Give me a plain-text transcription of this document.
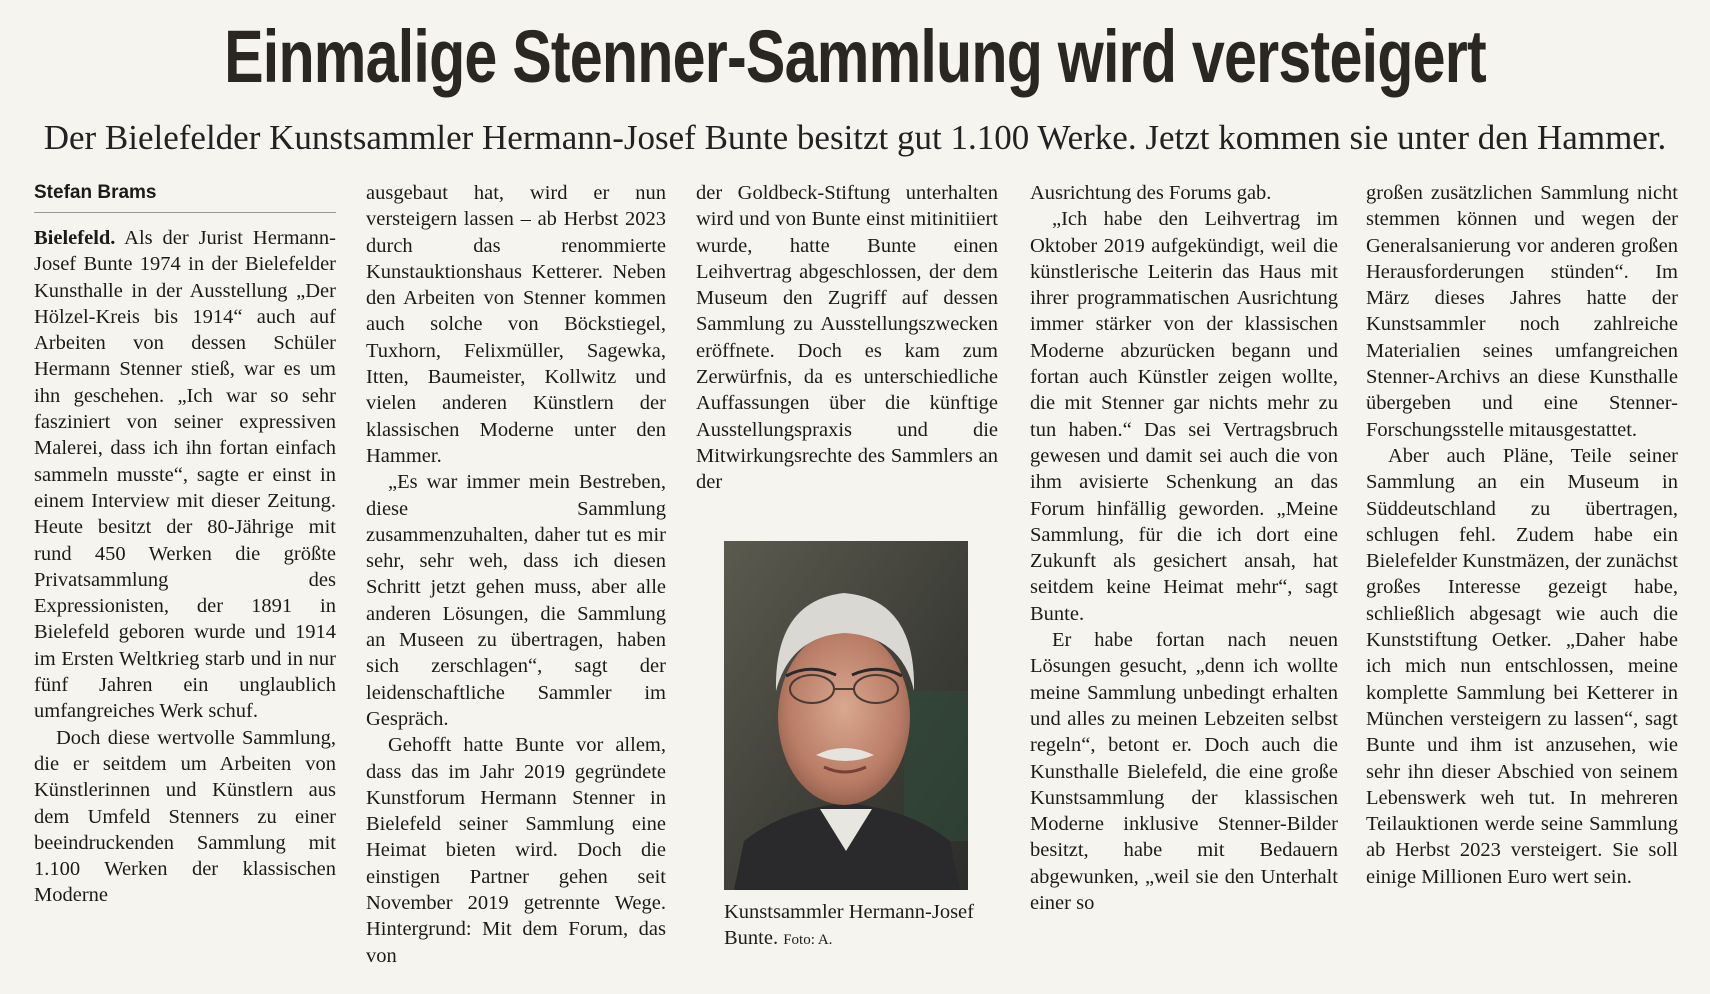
Einmalige Stenner-Sammlung wird versteigert
Der Bielefelder Kunstsammler Hermann-Josef Bunte besitzt gut 1.100 Werke. Jetzt kommen sie unter den Hammer.
Stefan Brams

Bielefeld. Als der Jurist Hermann-Josef Bunte 1974 in der Bielefelder Kunsthalle in der Ausstellung „Der Hölzel-Kreis bis 1914“ auch auf Arbeiten von dessen Schüler Hermann Stenner stieß, war es um ihn geschehen. „Ich war so sehr fasziniert von seiner expressiven Malerei, dass ich ihn fortan einfach sammeln musste“, sagte er einst in einem Interview mit dieser Zeitung. Heute besitzt der 80-Jährige mit rund 450 Werken die größte Privatsammlung des Expressionisten, der 1891 in Bielefeld geboren wurde und 1914 im Ersten Weltkrieg starb und in nur fünf Jahren ein unglaublich umfangreiches Werk schuf.

Doch diese wertvolle Sammlung, die er seitdem um Arbeiten von Künstlerinnen und Künstlern aus dem Umfeld Stenners zu einer beeindruckenden Sammlung mit 1.100 Werken der klassischen Moderne

ausgebaut hat, wird er nun versteigern lassen – ab Herbst 2023 durch das renommierte Kunstauktionshaus Ketterer. Neben den Arbeiten von Stenner kommen auch solche von Böckstiegel, Tuxhorn, Felixmüller, Sagewka, Itten, Baumeister, Kollwitz und vielen anderen Künstlern der klassischen Moderne unter den Hammer.

„Es war immer mein Bestreben, diese Sammlung zusammenzuhalten, daher tut es mir sehr, sehr weh, dass ich diesen Schritt jetzt gehen muss, aber alle anderen Lösungen, die Sammlung an Museen zu übertragen, haben sich zerschlagen“, sagt der leidenschaftliche Sammler im Gespräch.

Gehofft hatte Bunte vor allem, dass das im Jahr 2019 gegründete Kunstforum Hermann Stenner in Bielefeld seiner Sammlung eine Heimat bieten wird. Doch die einstigen Partner gehen seit November 2019 getrennte Wege. Hintergrund: Mit dem Forum, das von

der Goldbeck-Stiftung unterhalten wird und von Bunte einst mitinitiiert wurde, hatte Bunte einen Leihvertrag abgeschlossen, der dem Museum den Zugriff auf dessen Sammlung zu Ausstellungszwecken eröffnete. Doch es kam zum Zerwürfnis, da es unterschiedliche Auffassungen über die künftige Ausstellungspraxis und die Mitwirkungsrechte des Sammlers an der

Kunstsammler Hermann-Josef Bunte. Foto: A.

Ausrichtung des Forums gab.

„Ich habe den Leihvertrag im Oktober 2019 aufgekündigt, weil die künstlerische Leiterin das Haus mit ihrer programmatischen Ausrichtung immer stärker von der klassischen Moderne abzurücken begann und fortan auch Künstler zeigen wollte, die mit Stenner gar nichts mehr zu tun haben.“ Das sei Vertragsbruch gewesen und damit sei auch die von ihm avisierte Schenkung an das Forum hinfällig geworden. „Meine Sammlung, für die ich dort eine Zukunft als gesichert ansah, hat seitdem keine Heimat mehr“, sagt Bunte.

Er habe fortan nach neuen Lösungen gesucht, „denn ich wollte meine Sammlung unbedingt erhalten und alles zu meinen Lebzeiten selbst regeln“, betont er. Doch auch die Kunsthalle Bielefeld, die eine große Kunstsammlung der klassischen Moderne inklusive Stenner-Bilder besitzt, habe mit Bedauern abgewunken, „weil sie den Unterhalt einer so

großen zusätzlichen Sammlung nicht stemmen können und wegen der Generalsanierung vor anderen großen Herausforderungen stünden“. Im März dieses Jahres hatte der Kunstsammler noch zahlreiche Materialien seines umfangreichen Stenner-Archivs an diese Kunsthalle übergeben und eine Stenner-Forschungsstelle mitausgestattet.

Aber auch Pläne, Teile seiner Sammlung an ein Museum in Süddeutschland zu übertragen, schlugen fehl. Zudem habe ein Bielefelder Kunstmäzen, der zunächst großes Interesse gezeigt habe, schließlich abgesagt wie auch die Kunststiftung Oetker. „Daher habe ich mich nun entschlossen, meine komplette Sammlung bei Ketterer in München versteigern zu lassen“, sagt Bunte und ihm ist anzusehen, wie sehr ihn dieser Abschied von seinem Lebenswerk weh tut. In mehreren Teilauktionen werde seine Sammlung ab Herbst 2023 versteigert. Sie soll einige Millionen Euro wert sein.
